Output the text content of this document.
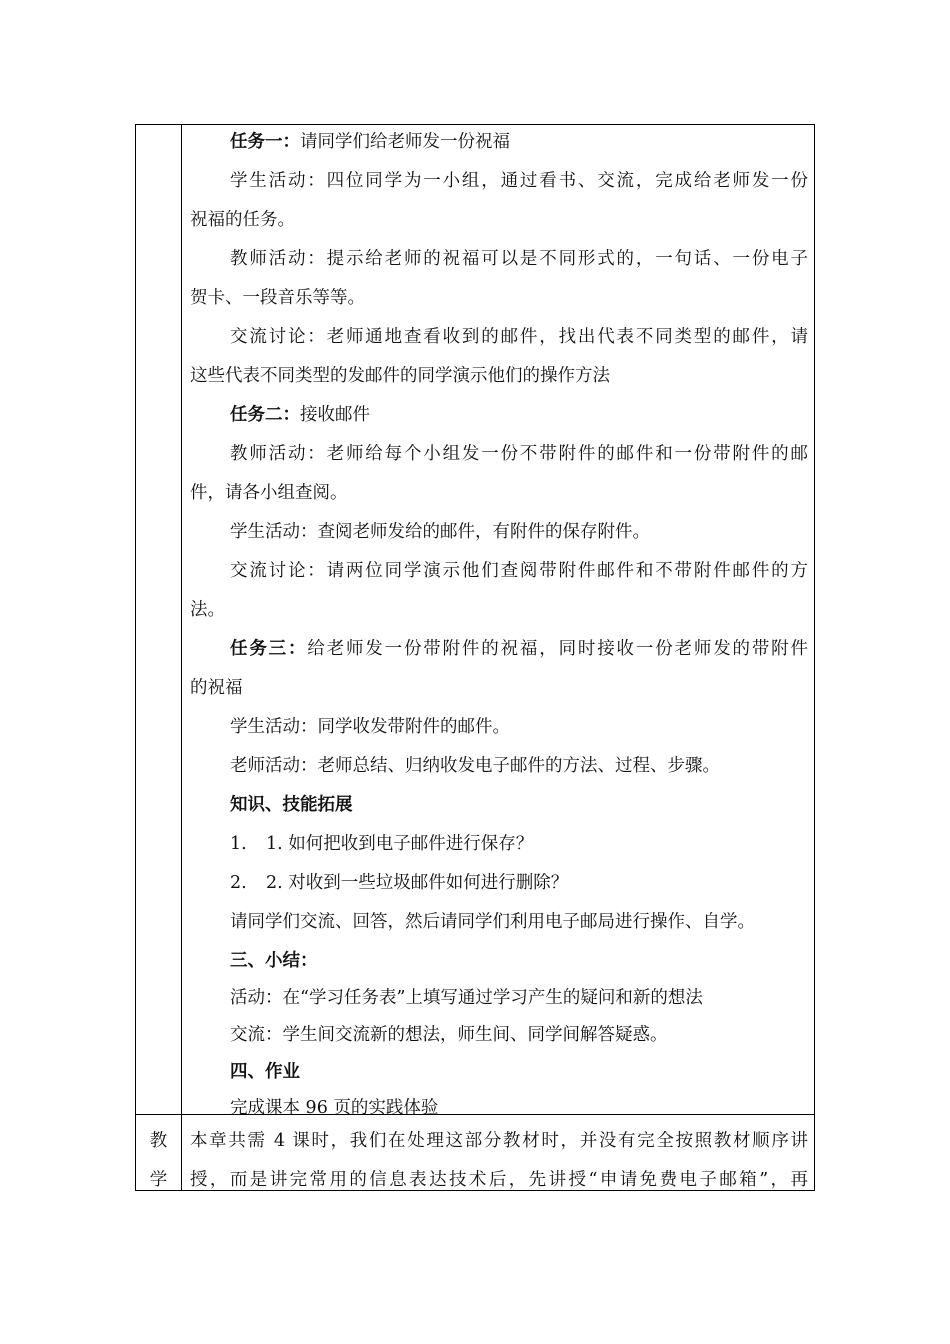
任务一：请同学们给老师发一份祝福
学生活动：四位同学为一小组，通过看书、交流，完成给老师发一份
祝福的任务。
教师活动：提示给老师的祝福可以是不同形式的，一句话、一份电子
贺卡、一段音乐等等。
交流讨论：老师通地查看收到的邮件，找出代表不同类型的邮件，请
这些代表不同类型的发邮件的同学演示他们的操作方法
任务二：接收邮件
教师活动：老师给每个小组发一份不带附件的邮件和一份带附件的邮
件，请各小组查阅。
学生活动：查阅老师发给的邮件，有附件的保存附件。
交流讨论：请两位同学演示他们查阅带附件邮件和不带附件邮件的方
法。
任务三：给老师发一份带附件的祝福，同时接收一份老师发的带附件
的祝福
学生活动：同学收发带附件的邮件。
老师活动：老师总结、归纳收发电子邮件的方法、过程、步骤。
知识、技能拓展
1. 1. 如何把收到电子邮件进行保存？
2. 2. 对收到一些垃圾邮件如何进行删除？
请同学们交流、回答，然后请同学们利用电子邮局进行操作、自学。
三、小结：
活动：在“学习任务表”上填写通过学习产生的疑问和新的想法
交流：学生间交流新的想法，师生间、同学间解答疑惑。
四、作业
完成课本 96 页的实践体验
教
学
本章共需 4 课时，我们在处理这部分教材时，并没有完全按照教材顺序讲
授，而是讲完常用的信息表达技术后，先讲授“申请免费电子邮箱”，再
